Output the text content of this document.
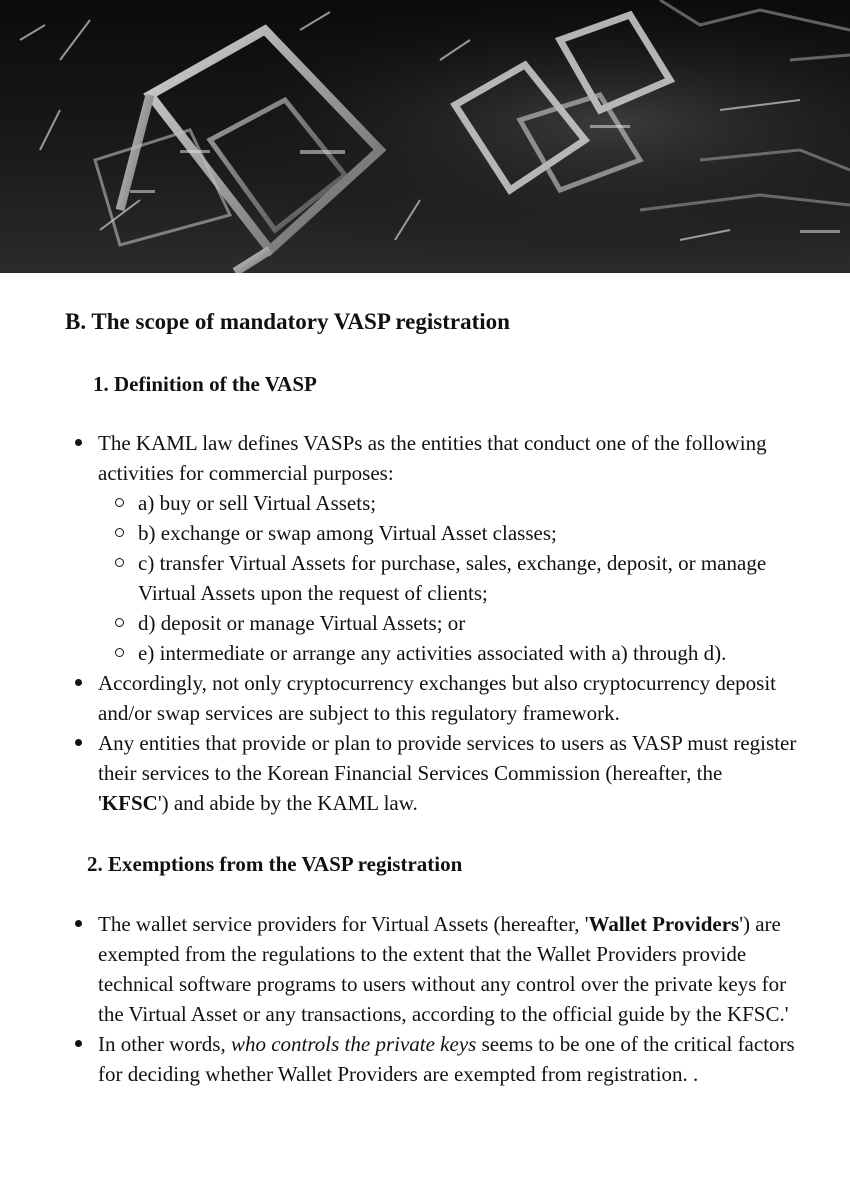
B. The scope of mandatory VASP registration
1. Definition of the VASP
The KAML law defines VASPs as the entities that conduct one of the following activities for commercial purposes:
a) buy or sell Virtual Assets;
b) exchange or swap among Virtual Asset classes;
c) transfer Virtual Assets for purchase, sales, exchange, deposit, or manage Virtual Assets upon the request of clients;
d) deposit or manage Virtual Assets; or
e) intermediate or arrange any activities associated with a) through d).
Accordingly, not only cryptocurrency exchanges but also cryptocurrency deposit and/or swap services are subject to this regulatory framework.
Any entities that provide or plan to provide services to users as VASP must register their services to the Korean Financial Services Commission (hereafter, the 'KFSC') and abide by the KAML law.
2. Exemptions from the VASP registration
The wallet service providers for Virtual Assets (hereafter, 'Wallet Providers') are exempted from the regulations to the extent that the Wallet Providers provide technical software programs to users without any control over the private keys for the Virtual Asset or any transactions, according to the official guide by the KFSC.'
In other words, who controls the private keys seems to be one of the critical factors for deciding whether Wallet Providers are exempted from registration. .
